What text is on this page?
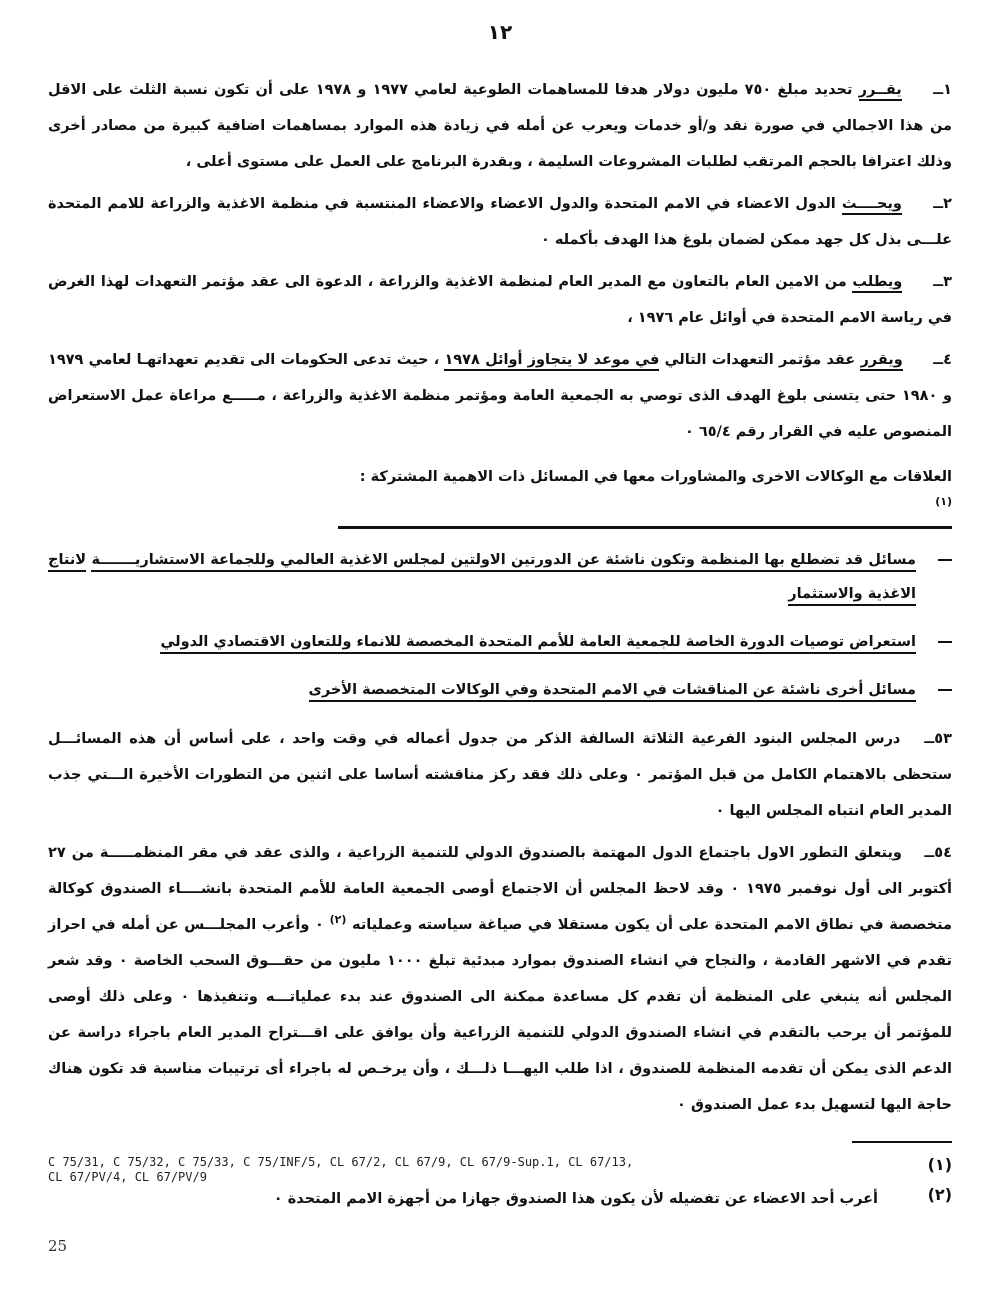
١٢

١ــ يقــرر تحديد مبلغ ٧٥٠ مليون دولار هدفا للمساهمات الطوعية لعامي ١٩٧٧ و ١٩٧٨ على أن تكون نسبة الثلث على الاقل من هذا الاجمالي في صورة نقد و/أو خدمات ويعرب عن أمله في زيادة هذه الموارد بمساهمات اضافية كبيرة من مصادر أخرى وذلك اعترافا بالحجم المرتقب لطلبات المشروعات السليمة ، وبقدرة البرنامج على العمل على مستوى أعلى ،

٢ــ ويحــــث الدول الاعضاء في الامم المتحدة والدول الاعضاء والاعضاء المنتسبة في منظمة الاغذية والزراعة للامم المتحدة علـــى بذل كل جهد ممكن لضمان بلوغ هذا الهدف بأكمله ٠

٣ــ ويطلب من الامين العام بالتعاون مع المدير العام لمنظمة الاغذية والزراعة ، الدعوة الى عقد مؤتمر التعهدات لهذا الغرض في رياسة الامم المتحدة في أوائل عام ١٩٧٦ ،

٤ــ ويقرر عقد مؤتمر التعهدات التالي في موعد لا يتجاوز أوائل ١٩٧٨ ، حيث تدعى الحكومات الى تقديم تعهداتهـا لعامي ١٩٧٩ و ١٩٨٠ حتى يتسنى بلوغ الهدف الذى توصي به الجمعية العامة ومؤتمر منظمة الاغذية والزراعة ، مـــــع مراعاة عمل الاستعراض المنصوص عليه في القرار رقم ٦٥/٤ ٠

العلاقات مع الوكالات الاخرى والمشاورات معها في المسائل ذات الاهمية المشتركة : $^{(١)}$
مسائل قد تضطلع بها المنظمة وتكون ناشئة عن الدورتين الاولتين لمجلس الاغذية العالمي وللجماعة الاستشاريـــــــة لانتاج الاغذية والاستثمار
استعراض توصيات الدورة الخاصة للجمعية العامة للأمم المتحدة المخصصة للانماء وللتعاون الاقتصادي الدولي
مسائل أخرى ناشئة عن المناقشات في الامم المتحدة وفي الوكالات المتخصصة الأخرى

٥٣ــ درس المجلس البنود الفرعية الثلاثة السالفة الذكر من جدول أعماله في وقت واحد ، على أساس أن هذه المسائـــل ستحظى بالاهتمام الكامل من قبل المؤتمر ٠ وعلى ذلك فقد ركز مناقشته أساسا على اثنين من التطورات الأخيرة الـــتي جذب المدير العام انتباه المجلس اليها ٠

٥٤ــ ويتعلق التطور الاول باجتماع الدول المهتمة بالصندوق الدولي للتنمية الزراعية ، والذى عقد في مقر المنظمـــــة من ٢٧ أكتوبر الى أول نوفمبر ١٩٧٥ ٠ وقد لاحظ المجلس أن الاجتماع أوصى الجمعية العامة للأمم المتحدة بانشــــاء الصندوق كوكالة متخصصة في نطاق الامم المتحدة على أن يكون مستقلا في صياغة سياسته وعملياته $^{(٢)}$ ٠ وأعرب المجلـــس عن أمله في احراز تقدم في الاشهر القادمة ، والنجاح في انشاء الصندوق بموارد مبدئية تبلغ ١٠٠٠ مليون من حقـــوق السحب الخاصة ٠ وقد شعر المجلس أنه ينبغي على المنظمة أن تقدم كل مساعدة ممكنة الى الصندوق عند بدء عملياتـــه وتنفيذها ٠ وعلى ذلك أوصى للمؤتمر أن يرحب بالتقدم في انشاء الصندوق الدولي للتنمية الزراعية وأن يوافق على اقـــتراح المدير العام باجراء دراسة عن الدعم الذى يمكن أن تقدمه المنظمة للصندوق ، اذا طلب اليهـــا ذلـــك ، وأن يرخـص له باجراء أى ترتيبات مناسبة قد تكون هناك حاجة اليها لتسهيل بدء عمل الصندوق ٠

(١)
C 75/31, C 75/32, C 75/33, C 75/INF/5, CL 67/2, CL 67/9, CL 67/9-Sup.1, CL 67/13,
CL 67/PV/4, CL 67/PV/9
(٢)
أعرب أحد الاعضاء عن تفضيله لأن يكون هذا الصندوق جهازا من أجهزة الامم المتحدة ٠
25
